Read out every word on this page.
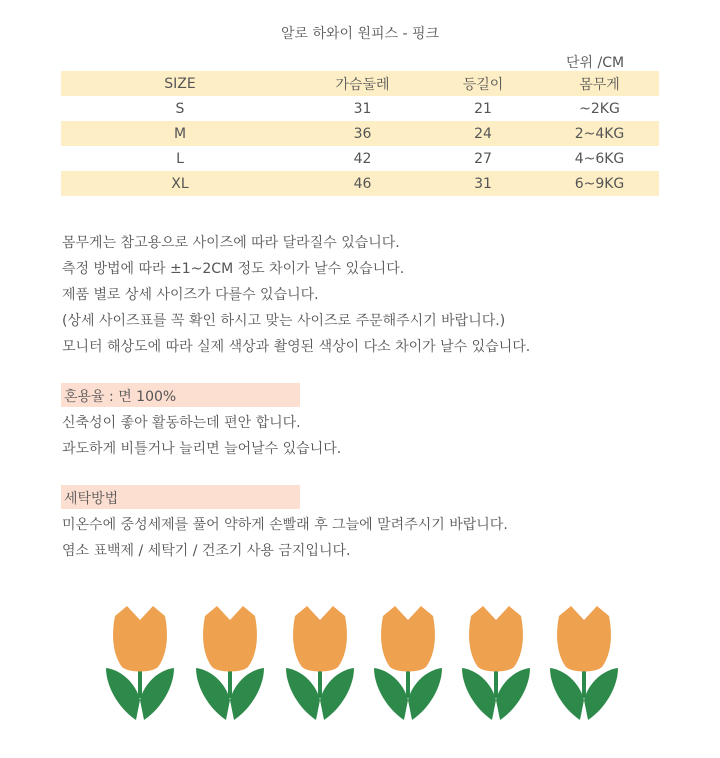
알로 하와이 원피스 - 핑크
단위 /CM
SIZE	가슴둘레	등길이	몸무게
S	31	21	~2KG
M	36	24	2~4KG
L	42	27	4~6KG
XL	46	31	6~9KG
몸무게는 참고용으로 사이즈에 따라 달라질수 있습니다.
측정 방법에 따라 ±1~2CM 정도 차이가 날수 있습니다.
제품 별로 상세 사이즈가 다를수 있습니다.
(상세 사이즈표를 꼭 확인 하시고 맞는 사이즈로 주문해주시기 바랍니다.)
모니터 해상도에 따라 실제 색상과 촬영된 색상이 다소 차이가 날수 있습니다.
혼용율 : 면 100%
신축성이 좋아 활동하는데 편안 합니다.
과도하게 비틀거나 늘리면 늘어날수 있습니다.
세탁방법
미온수에 중성세제를 풀어 약하게 손빨래 후 그늘에 말려주시기 바랍니다.
염소 표백제 / 세탁기 / 건조기 사용 금지입니다.
